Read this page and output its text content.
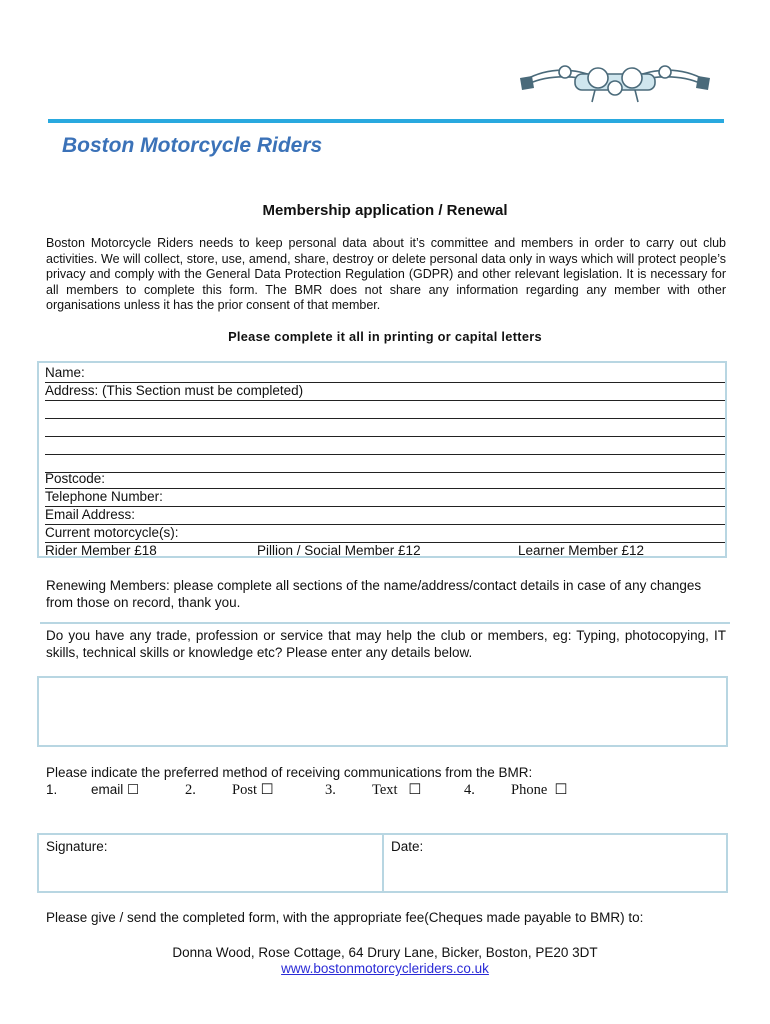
Boston Motorcycle Riders
Membership application / Renewal
Boston Motorcycle Riders needs to keep personal data about it’s committee and members in order to carry out club activities. We will collect, store, use, amend, share, destroy or delete personal data only in ways which will protect people’s privacy and comply with the General Data Protection Regulation (GDPR) and other relevant legislation. It is necessary for all members to complete this form. The BMR does not share any information regarding any member with other organisations unless it has the prior consent of that member.
Please complete it all in printing or capital letters
Name:
Address: (This Section must be completed)
Postcode:
Telephone Number:
Email Address:
Current motorcycle(s):
Rider Member £18	Pillion / Social Member £12	Learner Member £12
Renewing Members: please complete all sections of the name/address/contact details in case of any changes from those on record, thank you.
Do you have any trade, profession or service that may help the club or members, eg: Typing, photocopying, IT skills, technical skills or knowledge etc? Please enter any details below.
Please indicate the preferred method of receiving communications from the BMR:
1. email ☐	2. Post ☐	3. Text   ☐	4. Phone  ☐
Signature:	Date:
Please give / send the completed form, with the appropriate fee(Cheques made payable to BMR) to:
Donna Wood, Rose Cottage, 64 Drury Lane, Bicker, Boston, PE20 3DT
www.bostonmotorcycleriders.co.uk
